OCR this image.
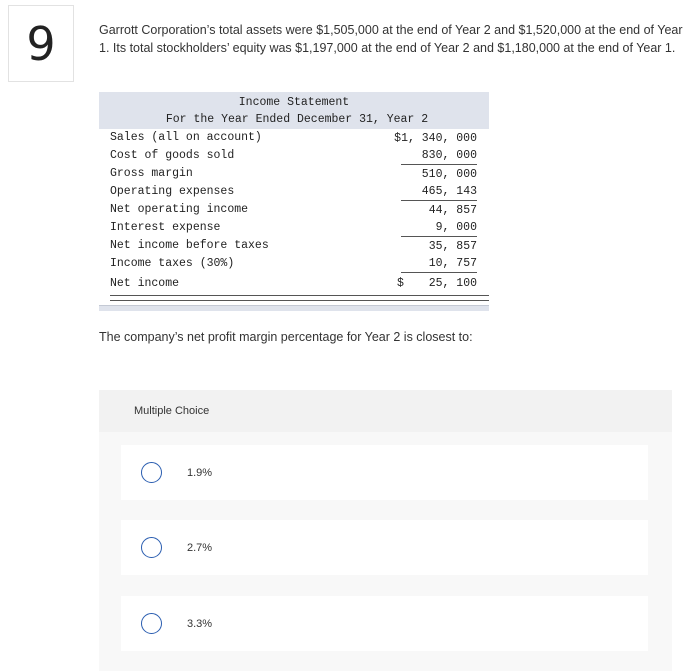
9	Garrott Corporation’s total assets were $1,505,000 at the end of Year 2 and $1,520,000 at the end of Year 1. Its total stockholders’ equity was $1,197,000 at the end of Year 2 and $1,180,000 at the end of Year 1.
Income Statement
For the Year Ended December 31, Year 2
Sales (all on account)	$1, 340, 000
Cost of goods sold	830, 000
Gross margin	510, 000
Operating expenses	465, 143
Net operating income	44, 857
Interest expense	9, 000
Net income before taxes	35, 857
Income taxes (30%)	10, 757
Net income	$ 25, 100
The company’s net profit margin percentage for Year 2 is closest to:
Multiple Choice
1.9%
2.7%
3.3%
